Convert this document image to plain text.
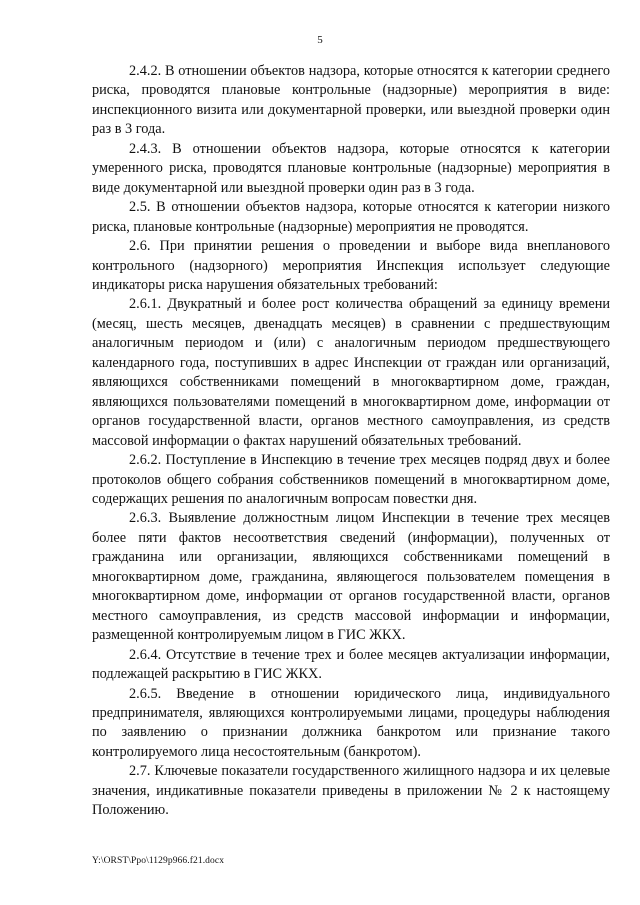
5

2.4.2. В отношении объектов надзора, которые относятся к категории среднего риска, проводятся плановые контрольные (надзорные) мероприятия в виде: инспекционного визита или документарной проверки, или выездной проверки один раз в 3 года.

2.4.3. В отношении объектов надзора, которые относятся к категории умеренного риска, проводятся плановые контрольные (надзорные) мероприятия в виде документарной или выездной проверки один раз в 3 года.

2.5. В отношении объектов надзора, которые относятся к категории низкого риска, плановые контрольные (надзорные) мероприятия не проводятся.

2.6. При принятии решения о проведении и выборе вида внепланового контрольного (надзорного) мероприятия Инспекция использует следующие индикаторы риска нарушения обязательных требований:

2.6.1. Двукратный и более рост количества обращений за единицу времени (месяц, шесть месяцев, двенадцать месяцев) в сравнении с предшествующим аналогичным периодом и (или) с аналогичным периодом предшествующего календарного года, поступивших в адрес Инспекции от граждан или организаций, являющихся собственниками помещений в многоквартирном доме, граждан, являющихся пользователями помещений в многоквартирном доме, информации от органов государственной власти, органов местного самоуправления, из средств массовой информации о фактах нарушений обязательных требований.

2.6.2. Поступление в Инспекцию в течение трех месяцев подряд двух и более протоколов общего собрания собственников помещений в многоквартирном доме, содержащих решения по аналогичным вопросам повестки дня.

2.6.3. Выявление должностным лицом Инспекции в течение трех месяцев более пяти фактов несоответствия сведений (информации), полученных от гражданина или организации, являющихся собственниками помещений в многоквартирном доме, гражданина, являющегося пользователем помещения в многоквартирном доме, информации от органов государственной власти, органов местного самоуправления, из средств массовой информации и информации, размещенной контролируемым лицом в ГИС ЖКХ.

2.6.4. Отсутствие в течение трех и более месяцев актуализации информации, подлежащей раскрытию в ГИС ЖКХ.

2.6.5. Введение в отношении юридического лица, индивидуального предпринимателя, являющихся контролируемыми лицами, процедуры наблюдения по заявлению о признании должника банкротом или признание такого контролируемого лица несостоятельным (банкротом).

2.7. Ключевые показатели государственного жилищного надзора и их целевые значения, индикативные показатели приведены в приложении № 2 к настоящему Положению.

Y:\ORST\Ppo\1129p966.f21.docx
